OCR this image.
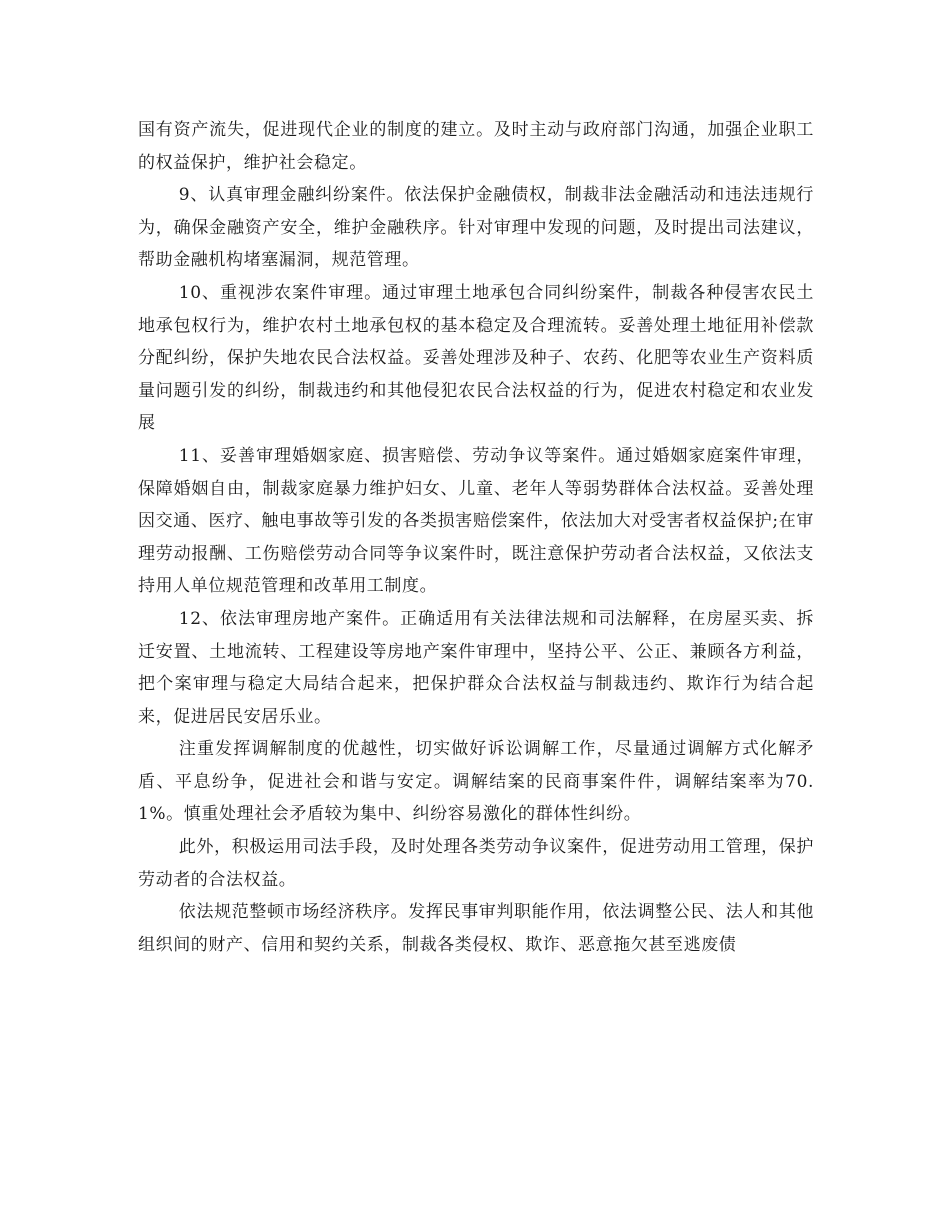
国有资产流失，促进现代企业的制度的建立。及时主动与政府部门沟通，加强企业职工的权益保护，维护社会稳定。

9、认真审理金融纠纷案件。依法保护金融债权，制裁非法金融活动和违法违规行为，确保金融资产安全，维护金融秩序。针对审理中发现的问题，及时提出司法建议，帮助金融机构堵塞漏洞，规范管理。

10、重视涉农案件审理。通过审理土地承包合同纠纷案件，制裁各种侵害农民土地承包权行为，维护农村土地承包权的基本稳定及合理流转。妥善处理土地征用补偿款分配纠纷，保护失地农民合法权益。妥善处理涉及种子、农药、化肥等农业生产资料质量问题引发的纠纷，制裁违约和其他侵犯农民合法权益的行为，促进农村稳定和农业发展

11、妥善审理婚姻家庭、损害赔偿、劳动争议等案件。通过婚姻家庭案件审理，保障婚姻自由，制裁家庭暴力维护妇女、儿童、老年人等弱势群体合法权益。妥善处理因交通、医疗、触电事故等引发的各类损害赔偿案件，依法加大对受害者权益保护;在审理劳动报酬、工伤赔偿劳动合同等争议案件时，既注意保护劳动者合法权益，又依法支持用人单位规范管理和改革用工制度。

12、依法审理房地产案件。正确适用有关法律法规和司法解释，在房屋买卖、拆迁安置、土地流转、工程建设等房地产案件审理中，坚持公平、公正、兼顾各方利益，把个案审理与稳定大局结合起来，把保护群众合法权益与制裁违约、欺诈行为结合起来，促进居民安居乐业。

注重发挥调解制度的优越性，切实做好诉讼调解工作，尽量通过调解方式化解矛盾、平息纷争，促进社会和谐与安定。调解结案的民商事案件件，调解结案率为70.1%。慎重处理社会矛盾较为集中、纠纷容易激化的群体性纠纷。

此外，积极运用司法手段，及时处理各类劳动争议案件，促进劳动用工管理，保护劳动者的合法权益。

依法规范整顿市场经济秩序。发挥民事审判职能作用，依法调整公民、法人和其他组织间的财产、信用和契约关系，制裁各类侵权、欺诈、恶意拖欠甚至逃废债
